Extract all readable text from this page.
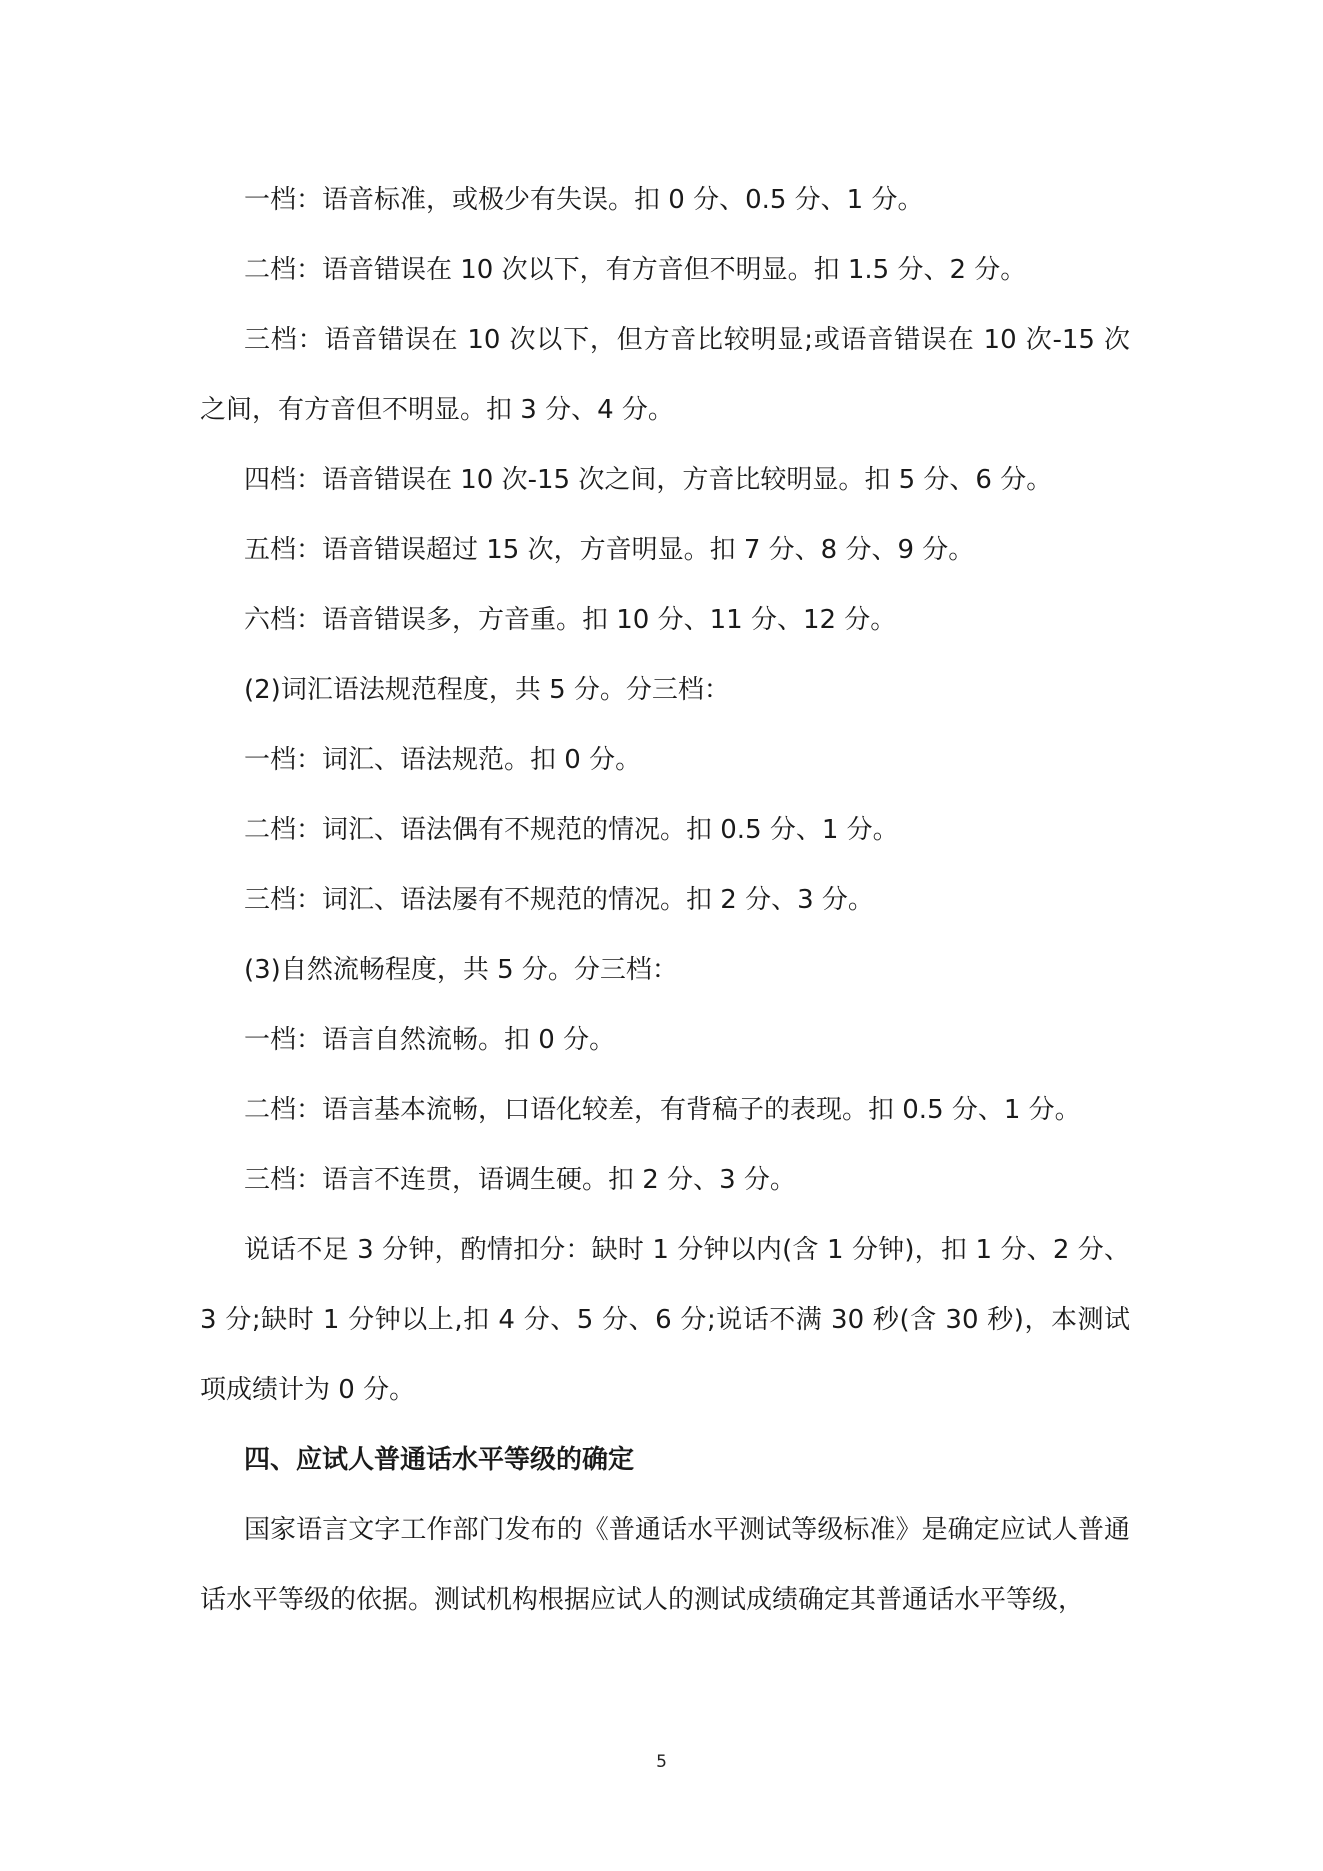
一档：语音标准，或极少有失误。扣 0 分、0.5 分、1 分。

二档：语音错误在 10 次以下，有方音但不明显。扣 1.5 分、2 分。

三档：语音错误在 10 次以下，但方音比较明显;或语音错误在 10 次-15 次之间，有方音但不明显。扣 3 分、4 分。

四档：语音错误在 10 次-15 次之间，方音比较明显。扣 5 分、6 分。

五档：语音错误超过 15 次，方音明显。扣 7 分、8 分、9 分。

六档：语音错误多，方音重。扣 10 分、11 分、12 分。

(2)词汇语法规范程度，共 5 分。分三档：

一档：词汇、语法规范。扣 0 分。

二档：词汇、语法偶有不规范的情况。扣 0.5 分、1 分。

三档：词汇、语法屡有不规范的情况。扣 2 分、3 分。

(3)自然流畅程度，共 5 分。分三档：

一档：语言自然流畅。扣 0 分。

二档：语言基本流畅，口语化较差，有背稿子的表现。扣 0.5 分、1 分。

三档：语言不连贯，语调生硬。扣 2 分、3 分。

说话不足 3 分钟，酌情扣分：缺时 1 分钟以内(含 1 分钟)，扣 1 分、2 分、3 分;缺时 1 分钟以上,扣 4 分、5 分、6 分;说话不满 30 秒(含 30 秒)，本测试项成绩计为 0 分。

四、应试人普通话水平等级的确定

国家语言文字工作部门发布的《普通话水平测试等级标准》是确定应试人普通话水平等级的依据。测试机构根据应试人的测试成绩确定其普通话水平等级，

5
